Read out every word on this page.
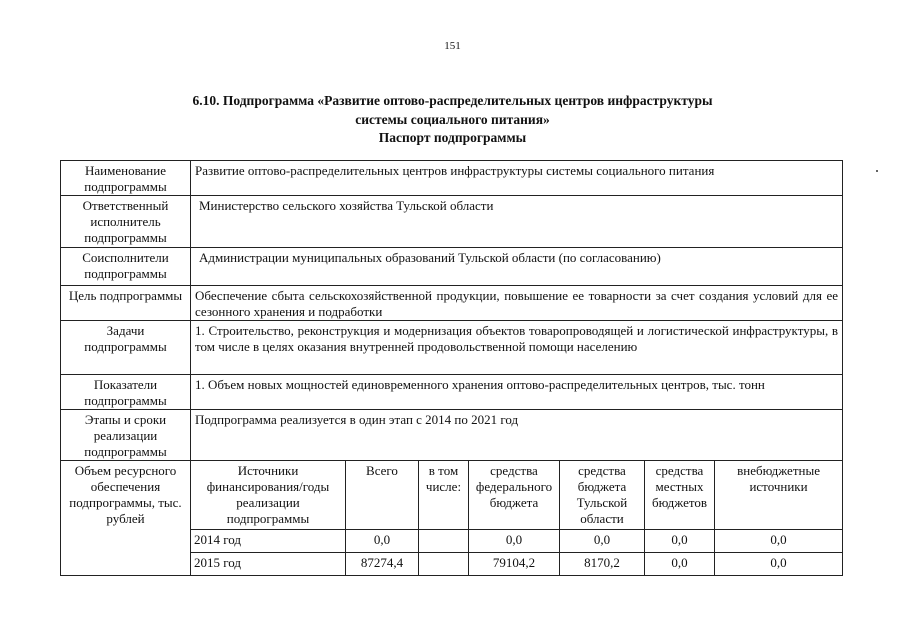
151
6.10. Подпрограмма «Развитие оптово-распределительных центров инфраструктуры
системы социального питания»
Паспорт подпрограммы
Наименование подпрограммы	Развитие оптово-распределительных центров инфраструктуры системы социального питания						
Ответственный исполнитель подпрограммы	Министерство сельского хозяйства Тульской области						
Соисполнители подпрограммы	Администрации муниципальных образований Тульской области (по согласованию)						
Цель подпрограммы	Обеспечение сбыта сельскохозяйственной продукции, повышение ее товарности за счет создания условий для ее сезонного хранения и подработки						
Задачи подпрограммы	1. Строительство, реконструкция и модернизация объектов товаропроводящей и логистической инфраструктуры, в том числе в целях оказания внутренней продовольственной помощи населению						
Показатели подпрограммы	1. Объем новых мощностей единовременного хранения оптово-распределительных центров, тыс. тонн						
Этапы и сроки реализации подпрограммы	Подпрограмма реализуется в один этап с 2014 по 2021 год						
Объем ресурсного обеспечения подпрограммы, тыс. рублей	Источники финансирования/годы реализации подпрограммы	Всего	в том числе:	средства федерального бюджета	средства бюджета Тульской области	средства местных бюджетов	внебюджетные источники
	2014 год	0,0		0,0	0,0	0,0	0,0
	2015 год	87274,4		79104,2	8170,2	0,0	0,0
